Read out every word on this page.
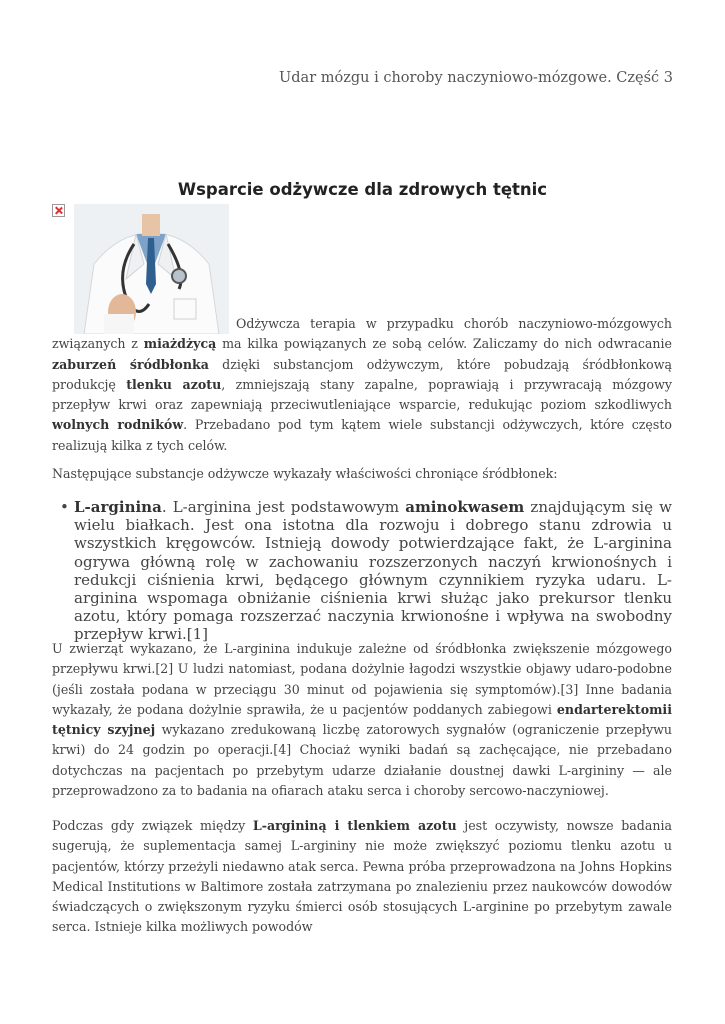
Udar mózgu i choroby naczyniowo-mózgowe. Część 3
Wsparcie odżywcze dla zdrowych tętnic
Odżywcza terapia w przypadku chorób naczyniowo-mózgowych związanych z miażdżycą ma kilka powiązanych ze sobą celów. Zaliczamy do nich odwracanie zaburzeń śródbłonka dzięki substancjom odżywczym, które pobudzają śródbłonkową produkcję tlenku azotu, zmniejszają stany zapalne, poprawiają i przywracają mózgowy przepływ krwi oraz zapewniają przeciwutleniające wsparcie, redukując poziom szkodliwych wolnych rodników. Przebadano pod tym kątem wiele substancji odżywczych, które często realizują kilka z tych celów.
Następujące substancje odżywcze wykazały właściwości chroniące śródbłonek:
• L-arginina. L-arginina jest podstawowym aminokwasem znajdującym się w wielu białkach. Jest ona istotna dla rozwoju i dobrego stanu zdrowia u wszystkich kręgowców. Istnieją dowody potwierdzające fakt, że L-arginina ogrywa główną rolę w zachowaniu rozszerzonych naczyń krwionośnych i redukcji ciśnienia krwi, będącego głównym czynnikiem ryzyka udaru. L-arginina wspomaga obniżanie ciśnienia krwi służąc jako prekursor tlenku azotu, który pomaga rozszerzać naczynia krwionośne i wpływa na swobodny przepływ krwi.[1]
U zwierząt wykazano, że L-arginina indukuje zależne od śródbłonka zwiększenie mózgowego przepływu krwi.[2] U ludzi natomiast, podana dożylnie łagodzi wszystkie objawy udaro-podobne (jeśli została podana w przeciągu 30 minut od pojawienia się symptomów).[3] Inne badania wykazały, że podana dożylnie sprawiła, że u pacjentów poddanych zabiegowi endarterektomii tętnicy szyjnej wykazano zredukowaną liczbę zatorowych sygnałów (ograniczenie przepływu krwi) do 24 godzin po operacji.[4] Chociaż wyniki badań są zachęcające, nie przebadano dotychczas na pacjentach po przebytym udarze działanie doustnej dawki L-argininy — ale przeprowadzono za to badania na ofiarach ataku serca i choroby sercowo-naczyniowej.
Podczas gdy związek między L-argininą i tlenkiem azotu jest oczywisty, nowsze badania sugerują, że suplementacja samej L-argininy nie może zwiększyć poziomu tlenku azotu u pacjentów, którzy przeżyli niedawno atak serca. Pewna próba przeprowadzona na Johns Hopkins Medical Institutions w Baltimore została zatrzymana po znalezieniu przez naukowców dowodów świadczących o zwiększonym ryzyku śmierci osób stosujących L-arginine po przebytym zawale serca. Istnieje kilka możliwych powodów
